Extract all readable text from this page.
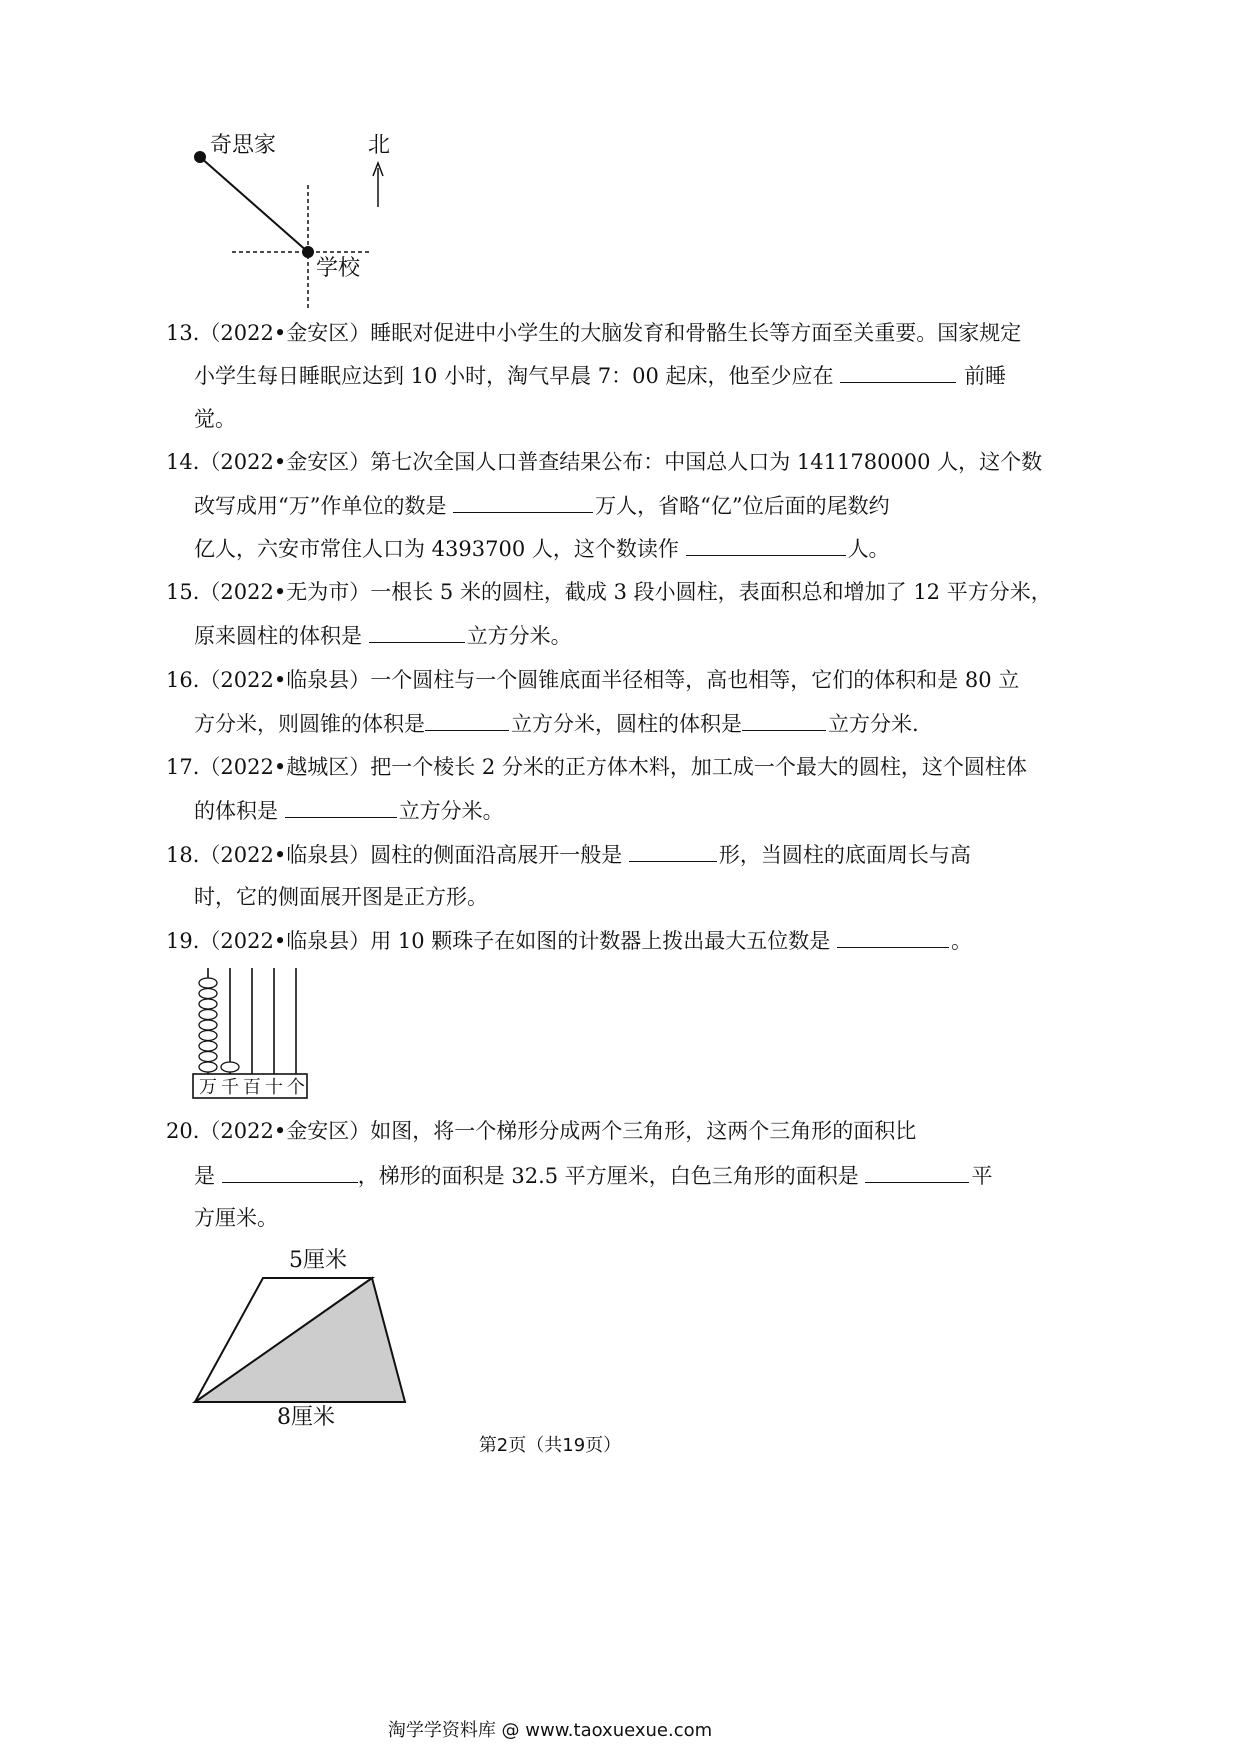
奇思家	北
学校
13.（2022•金安区）睡眠对促进中小学生的大脑发育和骨骼生长等方面至关重要。国家规定
小学生每日睡眠应达到 10 小时，淘气早晨 7：00 起床，他至少应在	前睡
觉。
14.（2022•金安区）第七次全国人口普查结果公布：中国总人口为 1411780000 人，这个数
改写成用“万”作单位的数是	万人，省略“亿”位后面的尾数约
亿人，六安市常住人口为 4393700 人，这个数读作	人。
15.（2022•无为市）一根长 5 米的圆柱，截成 3 段小圆柱，表面积总和增加了 12 平方分米，
原来圆柱的体积是	立方分米。
16.（2022•临泉县）一个圆柱与一个圆锥底面半径相等，高也相等，它们的体积和是 80 立
方分米，则圆锥的体积是	立方分米，圆柱的体积是	立方分米.
17.（2022•越城区）把一个棱长 2 分米的正方体木料，加工成一个最大的圆柱，这个圆柱体
的体积是	立方分米。
18.（2022•临泉县）圆柱的侧面沿高展开一般是	形，当圆柱的底面周长与高
时，它的侧面展开图是正方形。
19.（2022•临泉县）用 10 颗珠子在如图的计数器上拨出最大五位数是	。
20.（2022•金安区）如图，将一个梯形分成两个三角形，这两个三角形的面积比
是	，梯形的面积是 32.5 平方厘米，白色三角形的面积是	平
方厘米。
万 千 百 十 个
5厘米
8厘米
第2页（共19页）
淘学学资料库 @ www.taoxuexue.com
